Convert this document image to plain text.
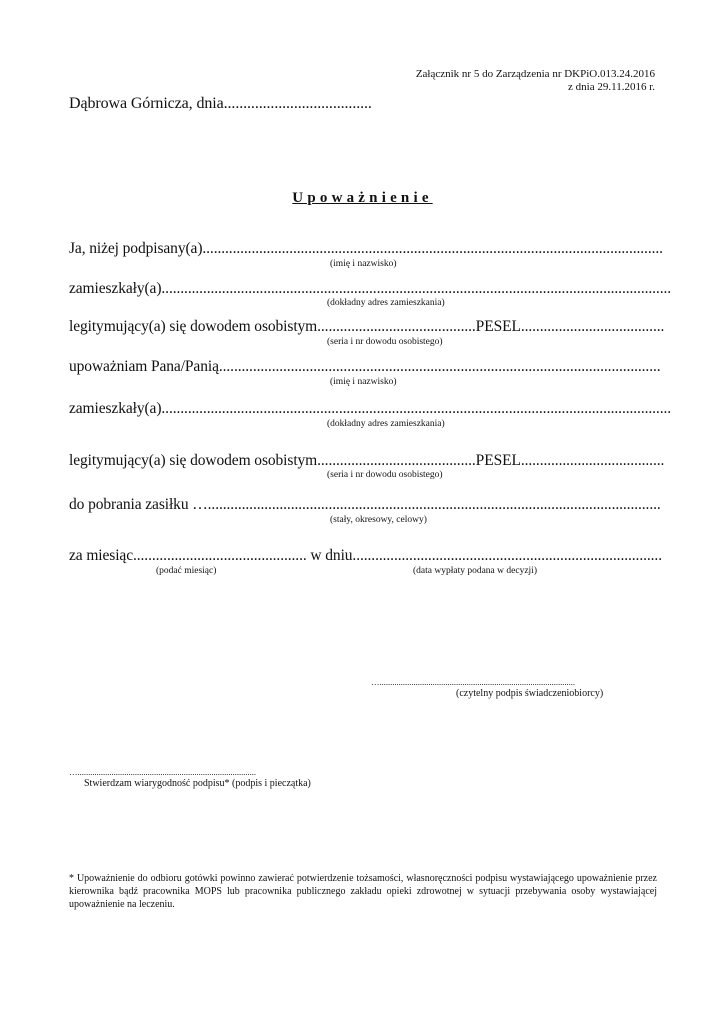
Załącznik nr 5 do Zarządzenia nr DKPiO.013.24.2016
z dnia 29.11.2016 r.
Dąbrowa Górnicza, dnia......................................
Upoważnienie
Ja, niżej podpisany(a)..........................................................................................................................
(imię i nazwisko)
zamieszkały(a).......................................................................................................................................
(dokładny adres zamieszkania)
legitymujący(a) się dowodem osobistym..........................................PESEL......................................
(seria i nr dowodu osobistego)
upoważniam Pana/Panią.....................................................................................................................
(imię i nazwisko)
zamieszkały(a).......................................................................................................................................
(dokładny adres zamieszkania)
legitymujący(a) się dowodem osobistym..........................................PESEL......................................
(seria i nr dowodu osobistego)
do pobrania zasiłku …........................................................................................................................
(stały, okresowy, celowy)
za miesiąc.............................................. w dniu..................................................................................
(podać miesiąc)	(data wypłaty podana w decyzji)
…............................................................................................
(czytelny podpis świadczeniobiorcy)
…....................................................................................
Stwierdzam wiarygodność podpisu* (podpis i pieczątka)
* Upoważnienie do odbioru gotówki powinno zawierać potwierdzenie tożsamości, własnoręczności podpisu wystawiającego upoważnienie przez kierownika bądź pracownika MOPS lub pracownika publicznego zakładu opieki zdrowotnej w sytuacji przebywania osoby wystawiającej upoważnienie na leczeniu.
